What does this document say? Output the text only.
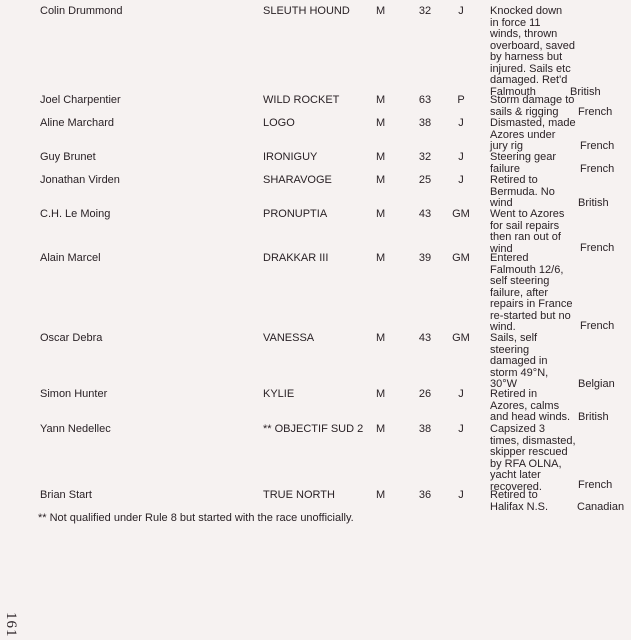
Colin Drummond	SLEUTH HOUND M	32	J	Knocked down
in force 11
winds, thrown
overboard, saved
by harness but
injured. Sails etc
damaged. Ret'd
Falmouth	British
Joel Charpentier	WILD ROCKET	M	63	P	Storm damage to
sails & rigging	French
Aline Marchard	LOGO	M	38	J	Dismasted, made
Azores under
jury rig	French
Guy Brunet	IRONIGUY	M	32	J	Steering gear
failure	French
Jonathan Virden	SHARAVOGE	M	25	J	Retired to
Bermuda. No
wind	British
C.H. Le Moing	PRONUPTIA	M	43	GM	Went to Azores
for sail repairs
then ran out of
wind	French
Alain Marcel	DRAKKAR III	M	39	GM	Entered
Falmouth 12/6,
self steering
failure, after
repairs in France
re-started but no
wind.	French
Oscar Debra	VANESSA	M	43	GM	Sails, self
steering
damaged in
storm 49°N,
30°W	Belgian
Simon Hunter	KYLIE	M	26	J	Retired in
Azores, calms
and head winds. British
Yann Nedellec	** OBJECTIF SUD 2 M	38	J	Capsized 3
times, dismasted,
skipper rescued
by RFA OLNA,
yacht later
recovered.	French
Brian Start	TRUE NORTH	M	36	J	Retired to
Halifax N.S.	Canadian
** Not qualified under Rule 8 but started with the race unofficially.
161
